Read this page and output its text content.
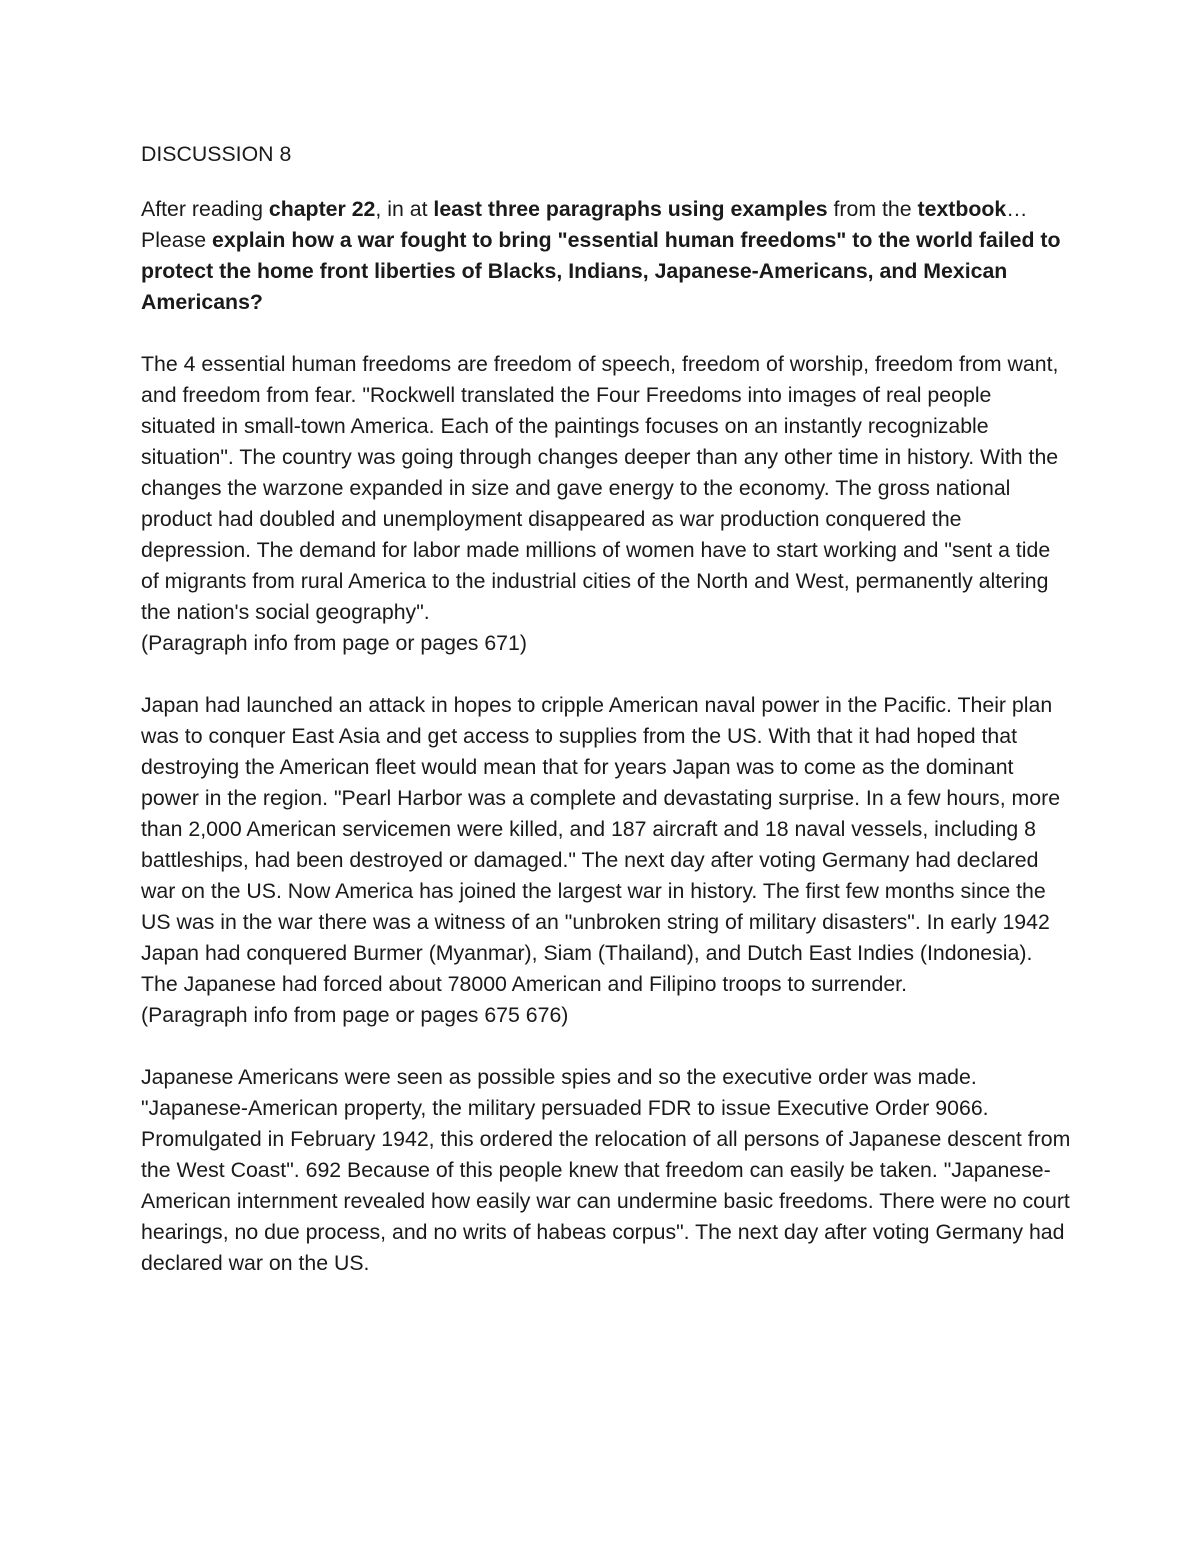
DISCUSSION 8

After reading chapter 22, in at least three paragraphs using examples from the textbook…

Please explain how a war fought to bring "essential human freedoms" to the world failed to protect the home front liberties of Blacks, Indians, Japanese-Americans, and Mexican Americans?

The 4 essential human freedoms are freedom of speech, freedom of worship, freedom from want, and freedom from fear. "Rockwell translated the Four Freedoms into images of real people situated in small-town America. Each of the paintings focuses on an instantly recognizable situation". The country was going through changes deeper than any other time in history. With the changes the warzone expanded in size and gave energy to the economy. The gross national product had doubled and unemployment disappeared as war production conquered the depression. The demand for labor made millions of women have to start working and "sent a tide of migrants from rural America to the industrial cities of the North and West, permanently altering the nation's social geography".

(Paragraph info from page or pages 671)

Japan had launched an attack in hopes to cripple American naval power in the Pacific. Their plan was to conquer East Asia and get access to supplies from the US. With that it had hoped that destroying the American fleet would mean that for years Japan was to come as the dominant power in the region. "Pearl Harbor was a complete and devastating surprise. In a few hours, more than 2,000 American servicemen were killed, and 187 aircraft and 18 naval vessels, including 8 battleships, had been destroyed or damaged." The next day after voting Germany had declared war on the US. Now America has joined the largest war in history. The first few months since the US was in the war there was a witness of an "unbroken string of military disasters". In early 1942 Japan had conquered Burmer (Myanmar), Siam (Thailand), and Dutch East Indies (Indonesia). The Japanese had forced about 78000 American and Filipino troops to surrender.

(Paragraph info from page or pages 675 676)

Japanese Americans were seen as possible spies and so the executive order was made. "Japanese-American property, the military persuaded FDR to issue Executive Order 9066. Promulgated in February 1942, this ordered the relocation of all persons of Japanese descent from the West Coast". 692 Because of this people knew that freedom can easily be taken. "Japanese-American internment revealed how easily war can undermine basic freedoms. There were no court hearings, no due process, and no writs of habeas corpus". The next day after voting Germany had declared war on the US.
